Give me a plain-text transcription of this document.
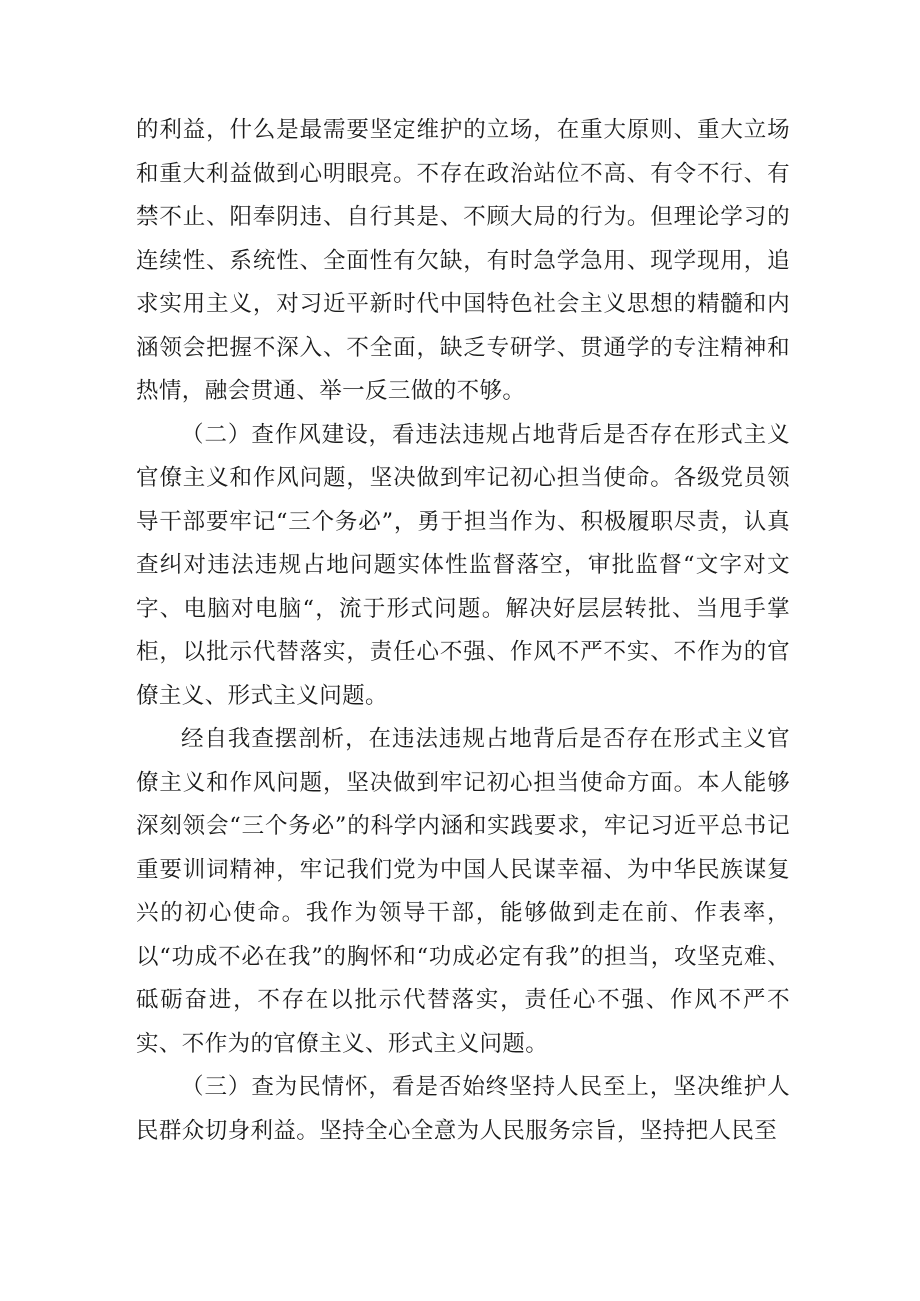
的利益，什么是最需要坚定维护的立场，在重大原则、重大立场和重大利益做到心明眼亮。不存在政治站位不高、有令不行、有禁不止、阳奉阴违、自行其是、不顾大局的行为。但理论学习的连续性、系统性、全面性有欠缺，有时急学急用、现学现用，追求实用主义，对习近平新时代中国特色社会主义思想的精髓和内涵领会把握不深入、不全面，缺乏专研学、贯通学的专注精神和热情，融会贯通、举一反三做的不够。

（二）查作风建设，看违法违规占地背后是否存在形式主义官僚主义和作风问题，坚决做到牢记初心担当使命。各级党员领导干部要牢记“三个务必”，勇于担当作为、积极履职尽责，认真查纠对违法违规占地问题实体性监督落空，审批监督“文字对文字、电脑对电脑“，流于形式问题。解决好层层转批、当甩手掌柜，以批示代替落实，责任心不强、作风不严不实、不作为的官僚主义、形式主义问题。

经自我查摆剖析，在违法违规占地背后是否存在形式主义官僚主义和作风问题，坚决做到牢记初心担当使命方面。本人能够深刻领会“三个务必”的科学内涵和实践要求，牢记习近平总书记重要训词精神，牢记我们党为中国人民谋幸福、为中华民族谋复兴的初心使命。我作为领导干部，能够做到走在前、作表率，以“功成不必在我”的胸怀和“功成必定有我”的担当，攻坚克难、砥砺奋进，不存在以批示代替落实，责任心不强、作风不严不实、不作为的官僚主义、形式主义问题。

（三）查为民情怀，看是否始终坚持人民至上，坚决维护人民群众切身利益。坚持全心全意为人民服务宗旨，坚持把人民至
